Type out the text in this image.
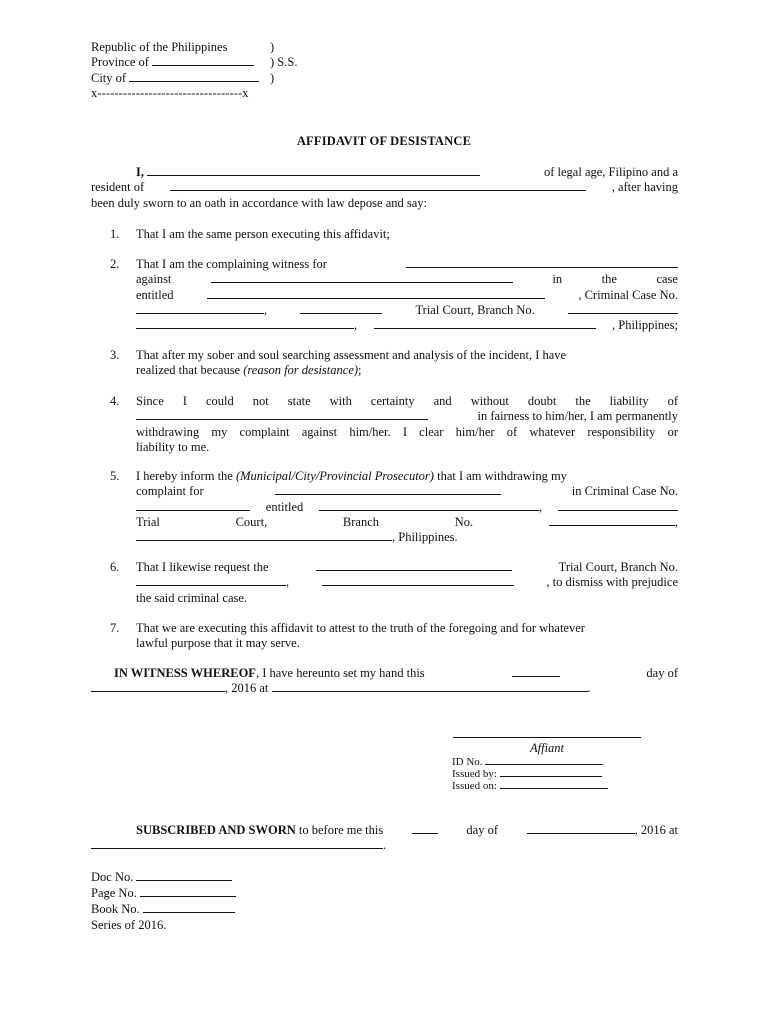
Republic of the Philippines	)
Province of	) S.S.
City of	)
x----------------------------------x
AFFIDAVIT OF DESISTANCE
I,	of legal age, Filipino and a
resident of	, after having
been duly sworn to an oath in accordance with law depose and say:
1. That I am the same person executing this affidavit;
2. That I am the complaining witness for
against	in	the	case
entitled	, Criminal Case No.
,	Trial Court, Branch No.
,	, Philippines;
3. That after my sober and soul searching assessment and analysis of the incident, I have
realized that because (reason for desistance);
4. Since I could not state with certainty and without doubt the liability of
in fairness to him/her, I am permanently
withdrawing my complaint against him/her. I clear him/her of whatever responsibility or
liability to me.
5. I hereby inform the (Municipal/City/Provincial Prosecutor) that I am withdrawing my
complaint for	in Criminal Case No.
entitled	,
Trial	Court,	Branch	No.	,
, Philippines.
6. That I likewise request the	Trial Court, Branch No.
,	, to dismiss with prejudice
the said criminal case.
7. That we are executing this affidavit to attest to the truth of the foregoing and for whatever
lawful purpose that it may serve.
IN WITNESS WHEREOF, I have hereunto set my hand this	day of
, 2016 at	.
Affiant
ID No.
Issued by:
Issued on:
SUBSCRIBED AND SWORN to before me this	day of	, 2016 at
.
Doc No.
Page No.
Book No.
Series of 2016.
